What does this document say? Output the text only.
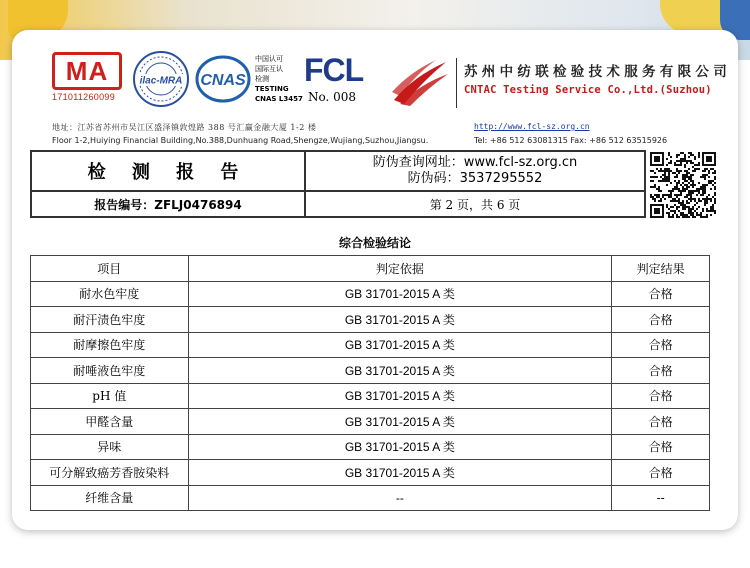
MA
171011260099
ilac-MRA CNAS
中国认可
国际互认
检测
TESTING
CNAS L3457
FCL
No. 008
苏州中纺联检验技术服务有限公司
CNTAC Testing Service Co.,Ltd.(Suzhou)
地址：江苏省苏州市吴江区盛泽镇敦煌路 388 号汇赢金融大厦 1-2 楼
Floor 1-2,Huiying Financial Building,No.388,Dunhuang Road,Shengze,Wujiang,Suzhou,Jiangsu.
http://www.fcl-sz.org.cn
Tel: +86 512 63081315 Fax: +86 512 63515926
检 测 报 告	防伪查询网址：www.fcl-sz.org.cn
防伪码：3537295552

报告编号：ZFLJ0476894	第 2 页，共 6 页
综合检验结论
项目	判定依据	判定结果
耐水色牢度	GB 31701-2015 A 类	合格
耐汗渍色牢度	GB 31701-2015 A 类	合格
耐摩擦色牢度	GB 31701-2015 A 类	合格
耐唾液色牢度	GB 31701-2015 A 类	合格
pH 值	GB 31701-2015 A 类	合格
甲醛含量	GB 31701-2015 A 类	合格
异味	GB 31701-2015 A 类	合格
可分解致癌芳香胺染料	GB 31701-2015 A 类	合格
纤维含量	--	--
